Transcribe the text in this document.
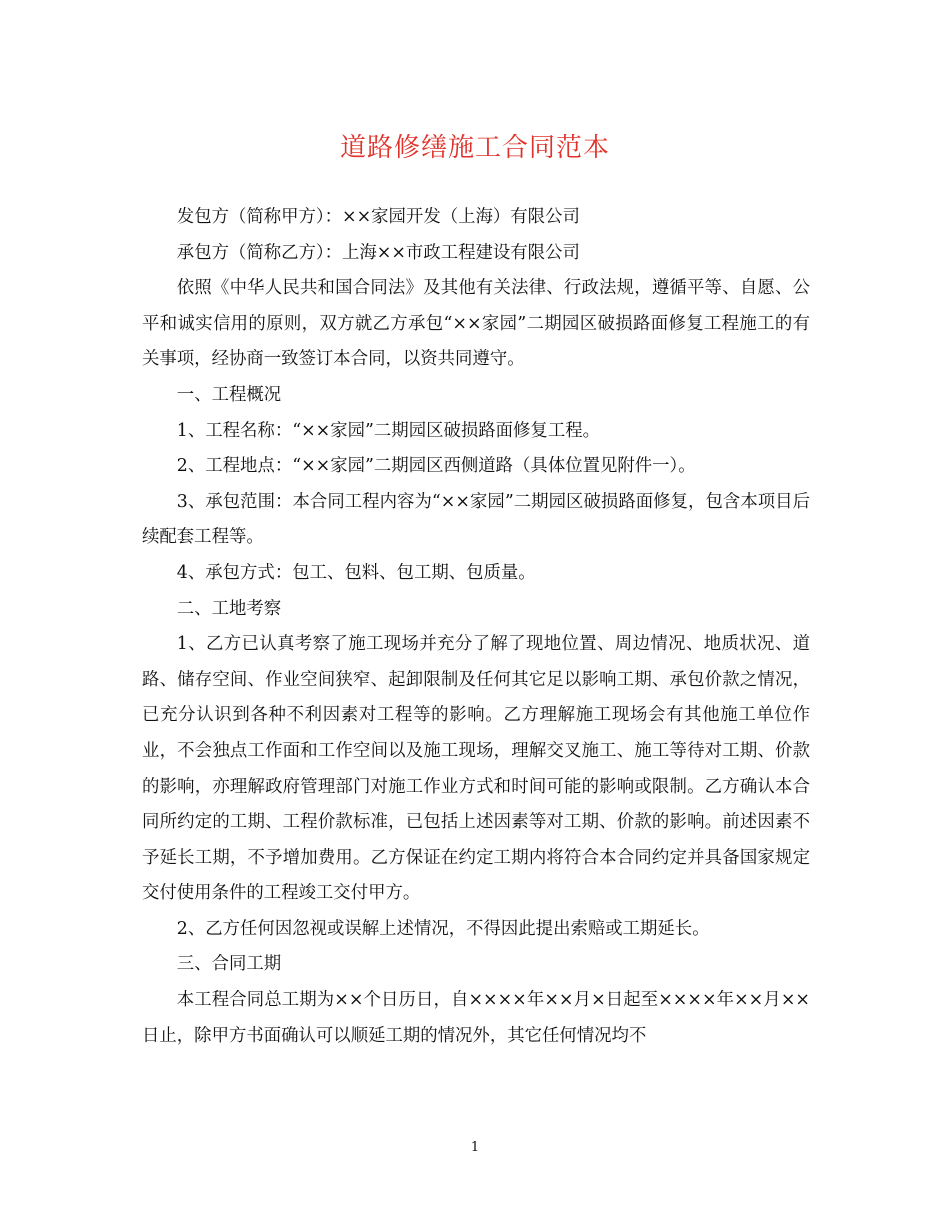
道路修缮施工合同范本

发包方（简称甲方）：××家园开发（上海）有限公司

承包方（简称乙方）：上海××市政工程建设有限公司

依照《中华人民共和国合同法》及其他有关法律、行政法规，遵循平等、自愿、公平和诚实信用的原则，双方就乙方承包“××家园”二期园区破损路面修复工程施工的有关事项，经协商一致签订本合同，以资共同遵守。

一、工程概况

1、工程名称：“××家园”二期园区破损路面修复工程。

2、工程地点：“××家园”二期园区西侧道路（具体位置见附件一）。

3、承包范围：本合同工程内容为“××家园”二期园区破损路面修复，包含本项目后续配套工程等。

4、承包方式：包工、包料、包工期、包质量。

二、工地考察

1、乙方已认真考察了施工现场并充分了解了现地位置、周边情况、地质状况、道路、储存空间、作业空间狭窄、起卸限制及任何其它足以影响工期、承包价款之情况，已充分认识到各种不利因素对工程等的影响。乙方理解施工现场会有其他施工单位作业，不会独点工作面和工作空间以及施工现场，理解交叉施工、施工等待对工期、价款的影响，亦理解政府管理部门对施工作业方式和时间可能的影响或限制。乙方确认本合同所约定的工期、工程价款标准，已包括上述因素等对工期、价款的影响。前述因素不予延长工期，不予增加费用。乙方保证在约定工期内将符合本合同约定并具备国家规定交付使用条件的工程竣工交付甲方。

2、乙方任何因忽视或误解上述情况，不得因此提出索赔或工期延长。

三、合同工期

本工程合同总工期为××个日历日，自××××年××月×日起至××××年××月××日止，除甲方书面确认可以顺延工期的情况外，其它任何情况均不

1
